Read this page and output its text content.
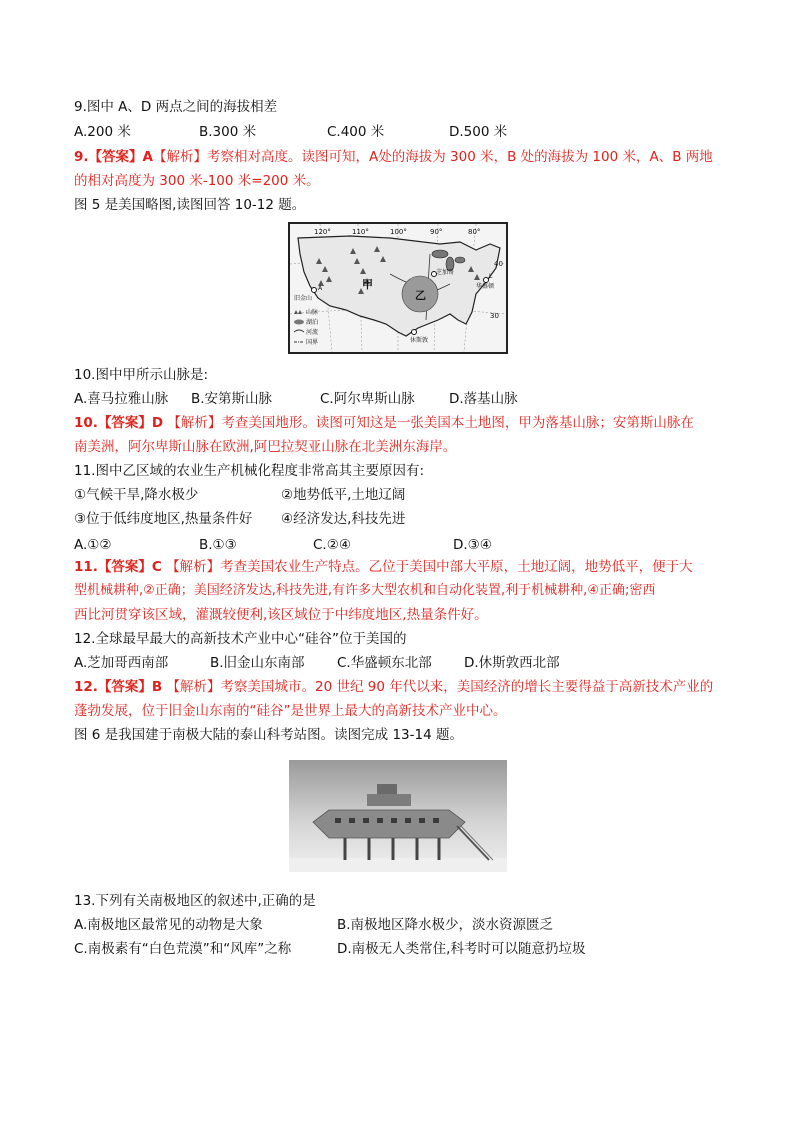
9.图中 A、D 两点之间的海拔相差
A.200 米	B.300 米	C.400 米	D.500 米
9.【答案】A【解析】考察相对高度。读图可知，A处的海拔为 300 米，B 处的海拔为 100 米，A、B 两地
的相对高度为 300 米-100 米=200 米。
图 5 是美国略图,读图回答 10-12 题。
120°	110°	100°	90°	80°
40
30
甲
乙
旧金山
芝加哥
华盛顿
休斯敦
A
L
山脉
湖泊
河流
国界
10.图中甲所示山脉是:
A.喜马拉雅山脉 B.安第斯山脉	C.阿尔卑斯山脉	D.落基山脉
10.【答案】D 【解析】考查美国地形。读图可知这是一张美国本土地图，甲为落基山脉；安第斯山脉在
南美洲，阿尔卑斯山脉在欧洲,阿巴拉契亚山脉在北美洲东海岸。
11.图中乙区域的农业生产机械化程度非常高其主要原因有:
①气候干旱,降水极少	②地势低平,土地辽阔
③位于低纬度地区,热量条件好 ④经济发达,科技先进
A.①②	B.①③	C.②④	D.③④
11.【答案】C 【解析】考查美国农业生产特点。乙位于美国中部大平原，土地辽阔，地势低平，便于大
型机械耕种,②正确；美国经济发达,科技先进,有许多大型农机和自动化装置,利于机械耕种,④正确;密西
西比河贯穿该区域，灌溉较便利,该区域位于中纬度地区,热量条件好。
12.全球最早最大的高新技术产业中心“硅谷”位于美国的
A.芝加哥西南部	B.旧金山东南部 C.华盛顿东北部 D.休斯敦西北部
12.【答案】B 【解析】考察美国城市。20 世纪 90 年代以来，美国经济的增长主要得益于高新技术产业的
蓬勃发展，位于旧金山东南的“硅谷”是世界上最大的高新技术产业中心。
图 6 是我国建于南极大陆的泰山科考站图。读图完成 13-14 题。
13.下列有关南极地区的叙述中,正确的是
A.南极地区最常见的动物是大象	B.南极地区降水极少，淡水资源匮乏
C.南极素有“白色荒漠”和“风库”之称	D.南极无人类常住,科考时可以随意扔垃圾
